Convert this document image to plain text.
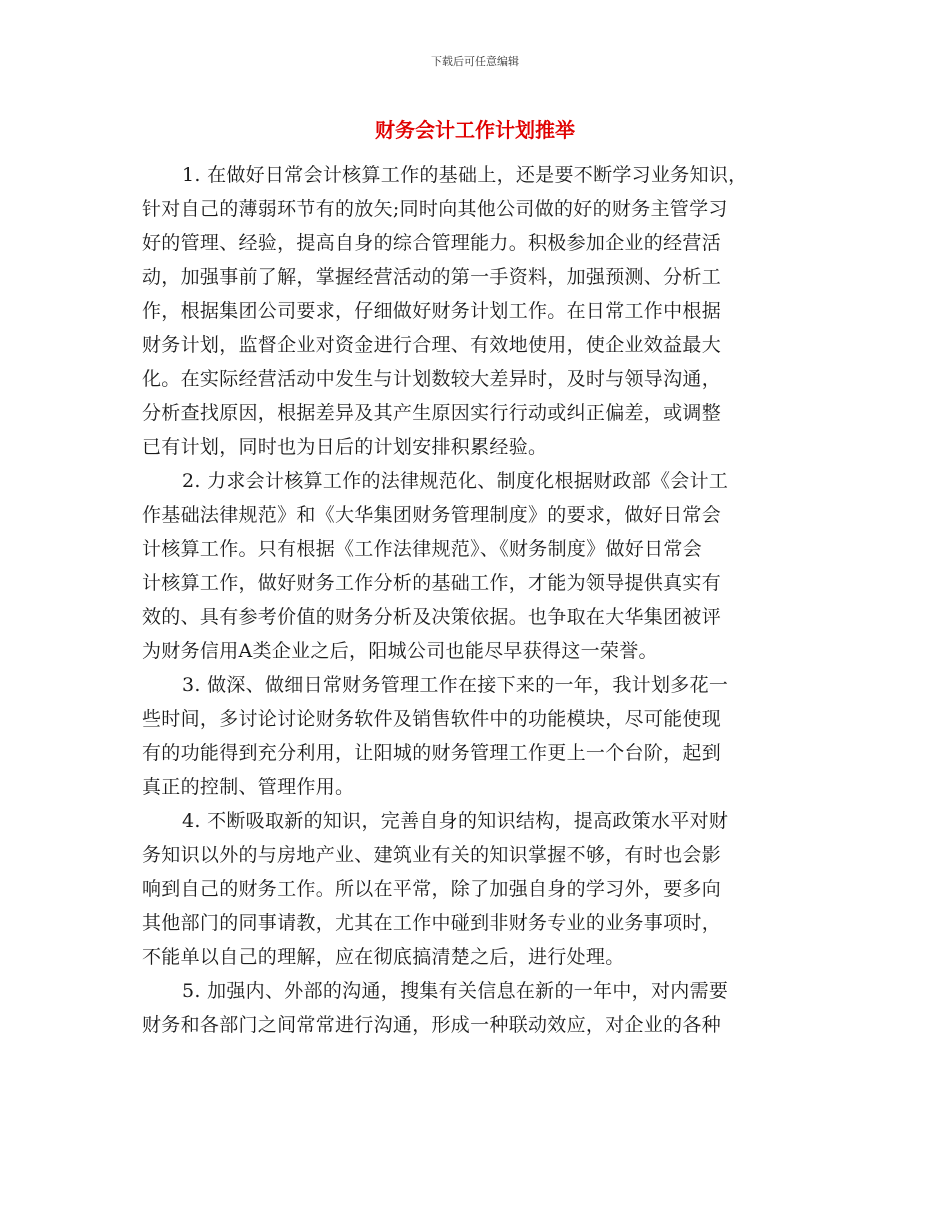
下载后可任意编辑
财务会计工作计划推举
1. 在做好日常会计核算工作的基础上，还是要不断学习业务知识，
针对自己的薄弱环节有的放矢;同时向其他公司做的好的财务主管学习
好的管理、经验，提高自身的综合管理能力。积极参加企业的经营活
动，加强事前了解，掌握经营活动的第一手资料，加强预测、分析工
作，根据集团公司要求，仔细做好财务计划工作。在日常工作中根据
财务计划，监督企业对资金进行合理、有效地使用，使企业效益最大
化。在实际经营活动中发生与计划数较大差异时，及时与领导沟通，
分析查找原因，根据差异及其产生原因实行行动或纠正偏差，或调整
已有计划，同时也为日后的计划安排积累经验。
2. 力求会计核算工作的法律规范化、制度化根据财政部《会计工
作基础法律规范》和《大华集团财务管理制度》的要求，做好日常会
计核算工作。只有根据《工作法律规范》、《财务制度》做好日常会
计核算工作，做好财务工作分析的基础工作，才能为领导提供真实有
效的、具有参考价值的财务分析及决策依据。也争取在大华集团被评
为财务信用A类企业之后，阳城公司也能尽早获得这一荣誉。
3. 做深、做细日常财务管理工作在接下来的一年，我计划多花一
些时间，多讨论讨论财务软件及销售软件中的功能模块，尽可能使现
有的功能得到充分利用，让阳城的财务管理工作更上一个台阶，起到
真正的控制、管理作用。
4. 不断吸取新的知识，完善自身的知识结构，提高政策水平对财
务知识以外的与房地产业、建筑业有关的知识掌握不够，有时也会影
响到自己的财务工作。所以在平常，除了加强自身的学习外，要多向
其他部门的同事请教，尤其在工作中碰到非财务专业的业务事项时，
不能单以自己的理解，应在彻底搞清楚之后，进行处理。
5. 加强内、外部的沟通，搜集有关信息在新的一年中，对内需要
财务和各部门之间常常进行沟通，形成一种联动效应，对企业的各种
